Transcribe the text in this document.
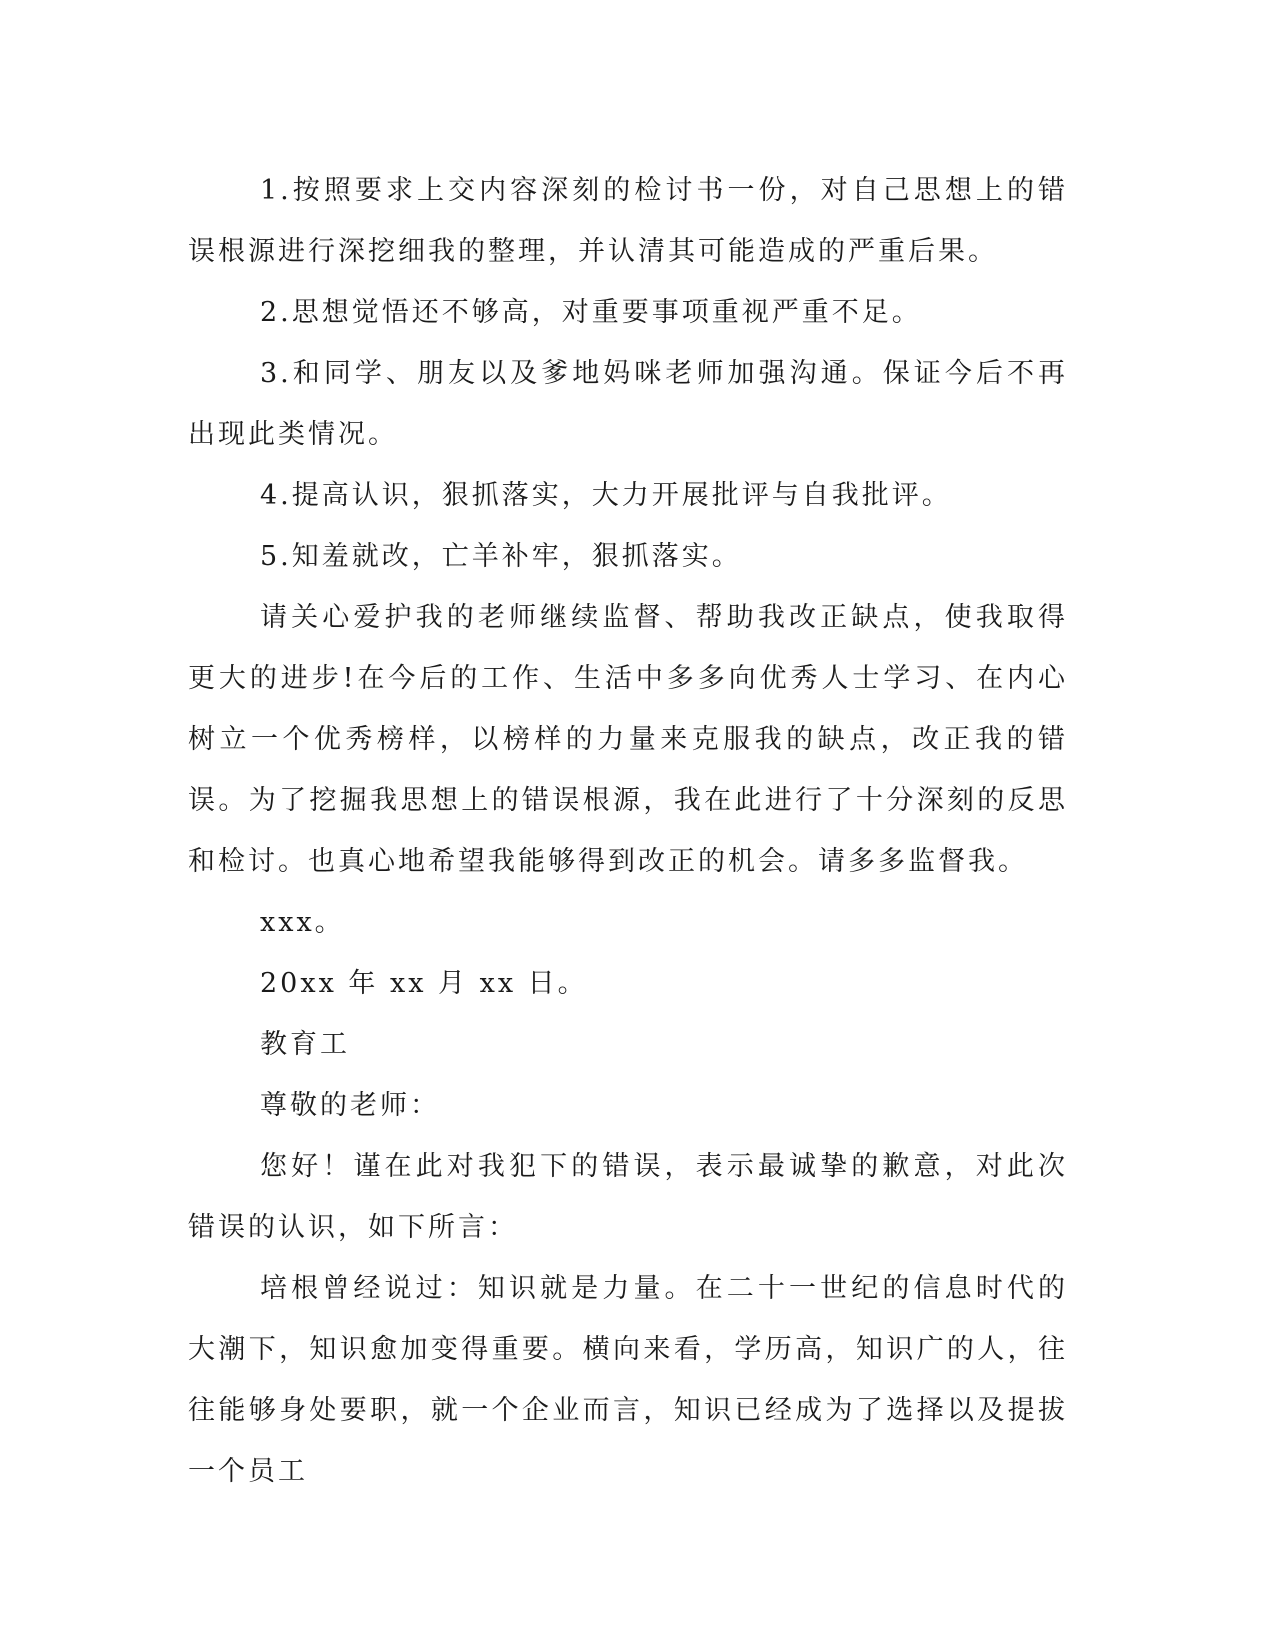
1.按照要求上交内容深刻的检讨书一份，对自己思想上的错误根源进行深挖细我的整理，并认清其可能造成的严重后果。

2.思想觉悟还不够高，对重要事项重视严重不足。

3.和同学、朋友以及爹地妈咪老师加强沟通。保证今后不再出现此类情况。

4.提高认识，狠抓落实，大力开展批评与自我批评。

5.知羞就改，亡羊补牢，狠抓落实。

请关心爱护我的老师继续监督、帮助我改正缺点，使我取得更大的进步!在今后的工作、生活中多多向优秀人士学习、在内心树立一个优秀榜样，以榜样的力量来克服我的缺点，改正我的错误。为了挖掘我思想上的错误根源，我在此进行了十分深刻的反思和检讨。也真心地希望我能够得到改正的机会。请多多监督我。

xxx。

20xx 年 xx 月 xx 日。

教育工

尊敬的老师：

您好！谨在此对我犯下的错误，表示最诚挚的歉意，对此次错误的认识，如下所言：

培根曾经说过：知识就是力量。在二十一世纪的信息时代的大潮下，知识愈加变得重要。横向来看，学历高，知识广的人，往往能够身处要职，就一个企业而言，知识已经成为了选择以及提拔一个员工
